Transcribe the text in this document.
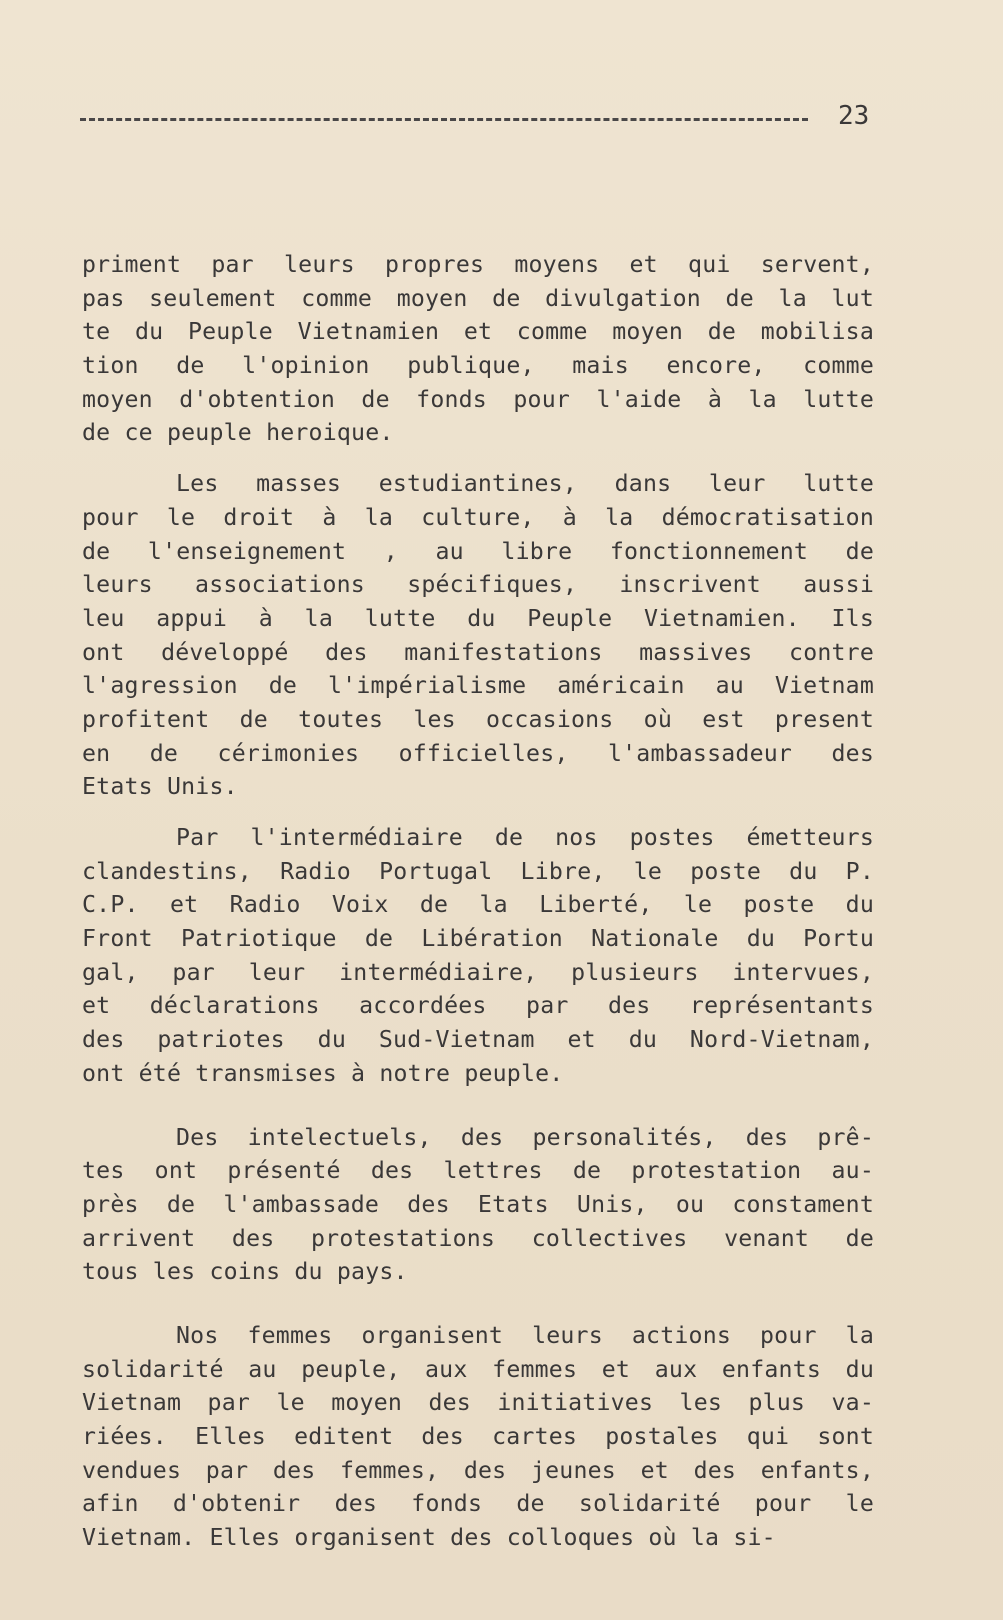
23
priment par leurs propres moyens et qui servent,
pas seulement comme moyen de divulgation de la lut
te du Peuple Vietnamien et comme moyen de mobilisa
tion de l'opinion publique, mais encore, comme
moyen d'obtention de fonds pour l'aide à la lutte
de ce peuple heroique.
Les masses estudiantines, dans leur lutte
pour le droit à la culture, à la démocratisation
de l'enseignement , au libre fonctionnement de
leurs associations spécifiques, inscrivent aussi
leu appui à la lutte du Peuple Vietnamien. Ils
ont développé des manifestations massives contre
l'agression de l'impérialisme américain au Vietnam
profitent de toutes les occasions où est present
en de cérimonies officielles, l'ambassadeur des
Etats Unis.
Par l'intermédiaire de nos postes émetteurs
clandestins, Radio Portugal Libre, le poste du P.
C.P. et Radio Voix de la Liberté, le poste du
Front Patriotique de Libération Nationale du Portu
gal, par leur intermédiaire, plusieurs intervues,
et déclarations accordées par des représentants
des patriotes du Sud-Vietnam et du Nord-Vietnam,
ont été transmises à notre peuple.
Des intelectuels, des personalités, des prê-
tes ont présenté des lettres de protestation au-
près de l'ambassade des Etats Unis, ou constament
arrivent des protestations collectives venant de
tous les coins du pays.
Nos femmes organisent leurs actions pour la
solidarité au peuple, aux femmes et aux enfants du
Vietnam par le moyen des initiatives les plus va-
riées. Elles editent des cartes postales qui sont
vendues par des femmes, des jeunes et des enfants,
afin d'obtenir des fonds de solidarité pour le
Vietnam. Elles organisent des colloques où la si-
